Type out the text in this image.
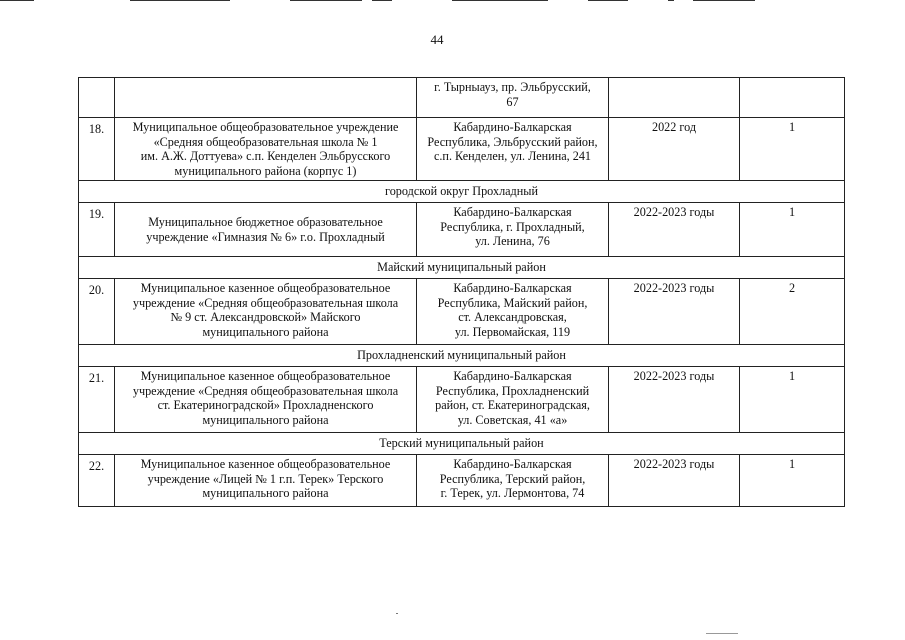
44

		г. Тырныауз, пр. Эльбрусский,
67		

18.	Муниципальное общеобразовательное учреждение
«Средняя общеобразовательная школа № 1
им. А.Ж. Доттуева» с.п. Кенделен Эльбрусского
муниципального района (корпус 1)	Кабардино-Балкарская
Республика, Эльбрусский район,
с.п. Кенделен, ул. Ленина, 241	2022 год	1
городской округ Прохладный				
19.	Муниципальное бюджетное образовательное
учреждение «Гимназия № 6» г.о. Прохладный	Кабардино-Балкарская
Республика, г. Прохладный,
ул. Ленина, 76	2022-2023 годы	1
Майский муниципальный район				
20.	Муниципальное казенное общеобразовательное
учреждение «Средняя общеобразовательная школа
№ 9 ст. Александровской» Майского
муниципального района	Кабардино-Балкарская
Республика, Майский район,
ст. Александровская,
ул. Первомайская, 119	2022-2023 годы	2
Прохладненский муниципальный район				
21.	Муниципальное казенное общеобразовательное
учреждение «Средняя общеобразовательная школа
ст. Екатериноградской» Прохладненского
муниципального района	Кабардино-Балкарская
Республика, Прохладненский
район, ст. Екатериноградская,
ул. Советская, 41 «а»	2022-2023 годы	1
Терский муниципальный район				
22.	Муниципальное казенное общеобразовательное
учреждение «Лицей № 1 г.п. Терек» Терского
муниципального района	Кабардино-Балкарская
Республика, Терский район,
г. Терек, ул. Лермонтова, 74	2022-2023 годы	1
